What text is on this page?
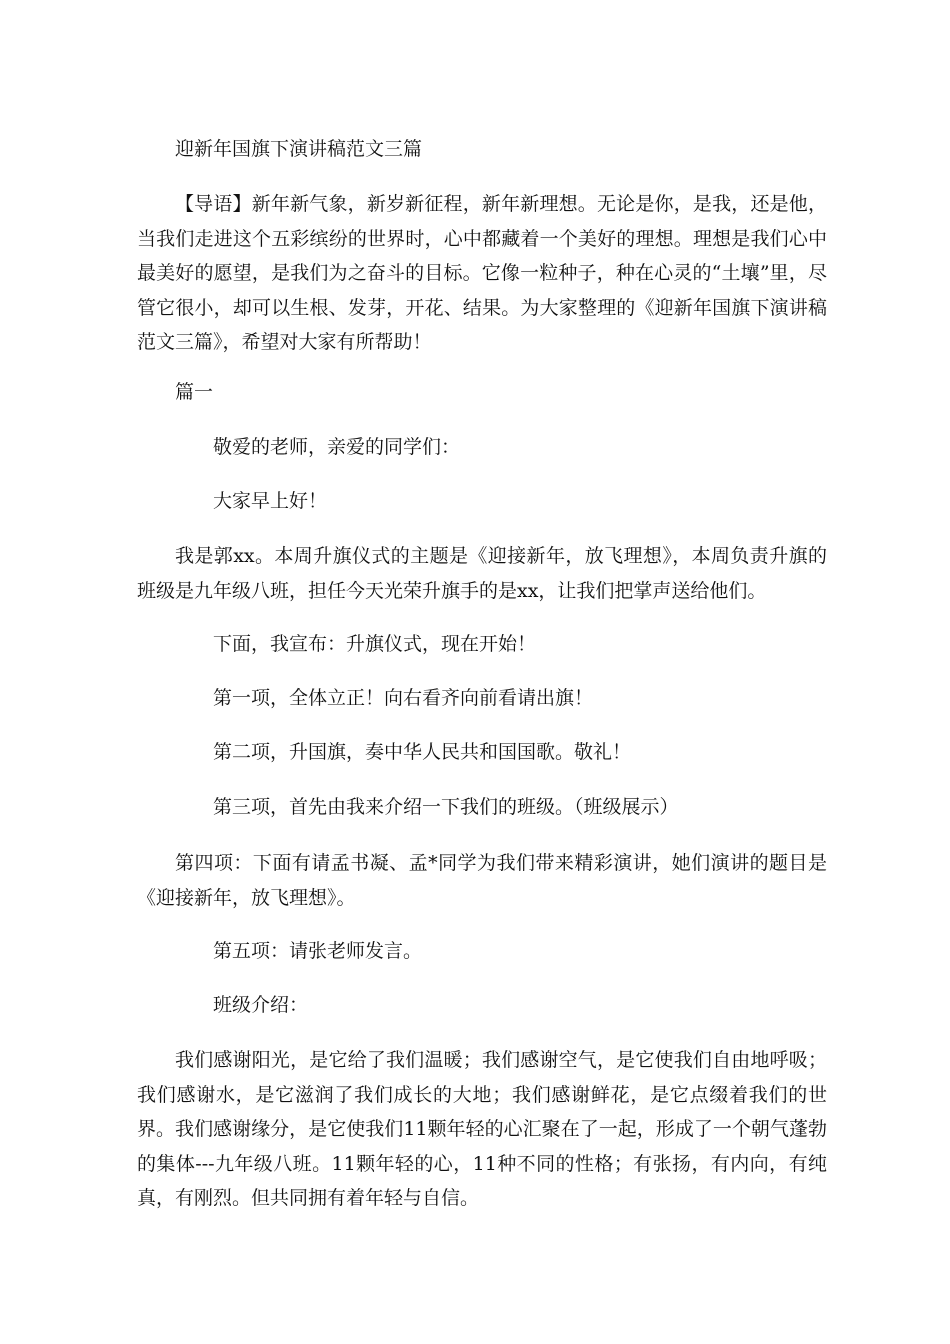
迎新年国旗下演讲稿范文三篇

【导语】新年新气象，新岁新征程，新年新理想。无论是你，是我，还是他，当我们走进这个五彩缤纷的世界时，心中都藏着一个美好的理想。理想是我们心中最美好的愿望，是我们为之奋斗的目标。它像一粒种子，种在心灵的“土壤”里，尽管它很小，却可以生根、发芽，开花、结果。为大家整理的《迎新年国旗下演讲稿范文三篇》，希望对大家有所帮助！

篇一

敬爱的老师，亲爱的同学们：

大家早上好！

我是郭xx。本周升旗仪式的主题是《迎接新年，放飞理想》，本周负责升旗的班级是九年级八班，担任今天光荣升旗手的是xx，让我们把掌声送给他们。

下面，我宣布：升旗仪式，现在开始！

第一项，全体立正！向右看齐向前看请出旗！

第二项，升国旗，奏中华人民共和国国歌。敬礼！

第三项，首先由我来介绍一下我们的班级。（班级展示）

第四项：下面有请孟书凝、孟*同学为我们带来精彩演讲，她们演讲的题目是《迎接新年，放飞理想》。

第五项：请张老师发言。

班级介绍：

我们感谢阳光，是它给了我们温暖；我们感谢空气，是它使我们自由地呼吸；我们感谢水，是它滋润了我们成长的大地；我们感谢鲜花，是它点缀着我们的世界。我们感谢缘分，是它使我们11颗年轻的心汇聚在了一起，形成了一个朝气蓬勃的集体---九年级八班。11颗年轻的心，11种不同的性格；有张扬，有内向，有纯真，有刚烈。但共同拥有着年轻与自信。
